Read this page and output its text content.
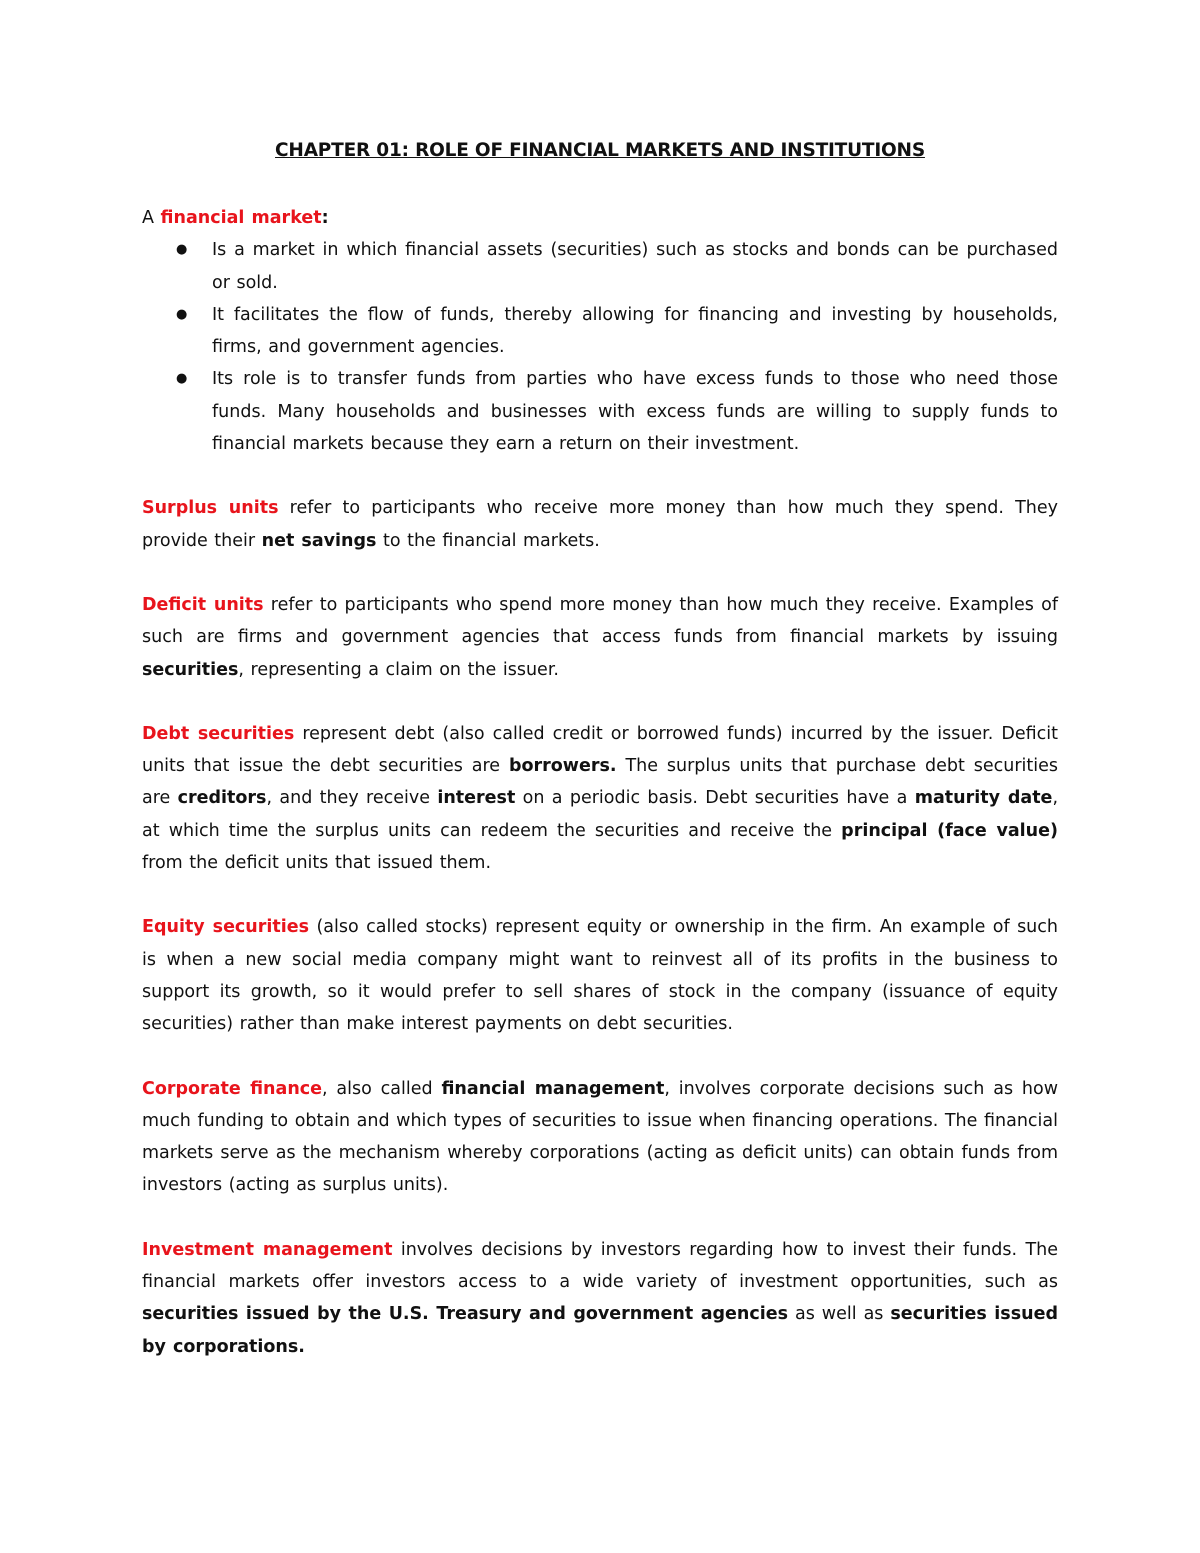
CHAPTER 01: ROLE OF FINANCIAL MARKETS AND INSTITUTIONS

A financial market:

● Is a market in which financial assets (securities) such as stocks and bonds can be purchased or sold.
● It facilitates the flow of funds, thereby allowing for financing and investing by households, firms, and government agencies.
● Its role is to transfer funds from parties who have excess funds to those who need those funds. Many households and businesses with excess funds are willing to supply funds to financial markets because they earn a return on their investment.

Surplus units refer to participants who receive more money than how much they spend. They provide their net savings to the financial markets.

Deficit units refer to participants who spend more money than how much they receive. Examples of such are firms and government agencies that access funds from financial markets by issuing securities, representing a claim on the issuer.

Debt securities represent debt (also called credit or borrowed funds) incurred by the issuer. Deficit units that issue the debt securities are borrowers. The surplus units that purchase debt securities are creditors, and they receive interest on a periodic basis. Debt securities have a maturity date, at which time the surplus units can redeem the securities and receive the principal (face value) from the deficit units that issued them.

Equity securities (also called stocks) represent equity or ownership in the firm. An example of such is when a new social media company might want to reinvest all of its profits in the business to support its growth, so it would prefer to sell shares of stock in the company (issuance of equity securities) rather than make interest payments on debt securities.

Corporate finance, also called financial management, involves corporate decisions such as how much funding to obtain and which types of securities to issue when financing operations. The financial markets serve as the mechanism whereby corporations (acting as deficit units) can obtain funds from investors (acting as surplus units).

Investment management involves decisions by investors regarding how to invest their funds. The financial markets offer investors access to a wide variety of investment opportunities, such as securities issued by the U.S. Treasury and government agencies as well as securities issued by corporations.
